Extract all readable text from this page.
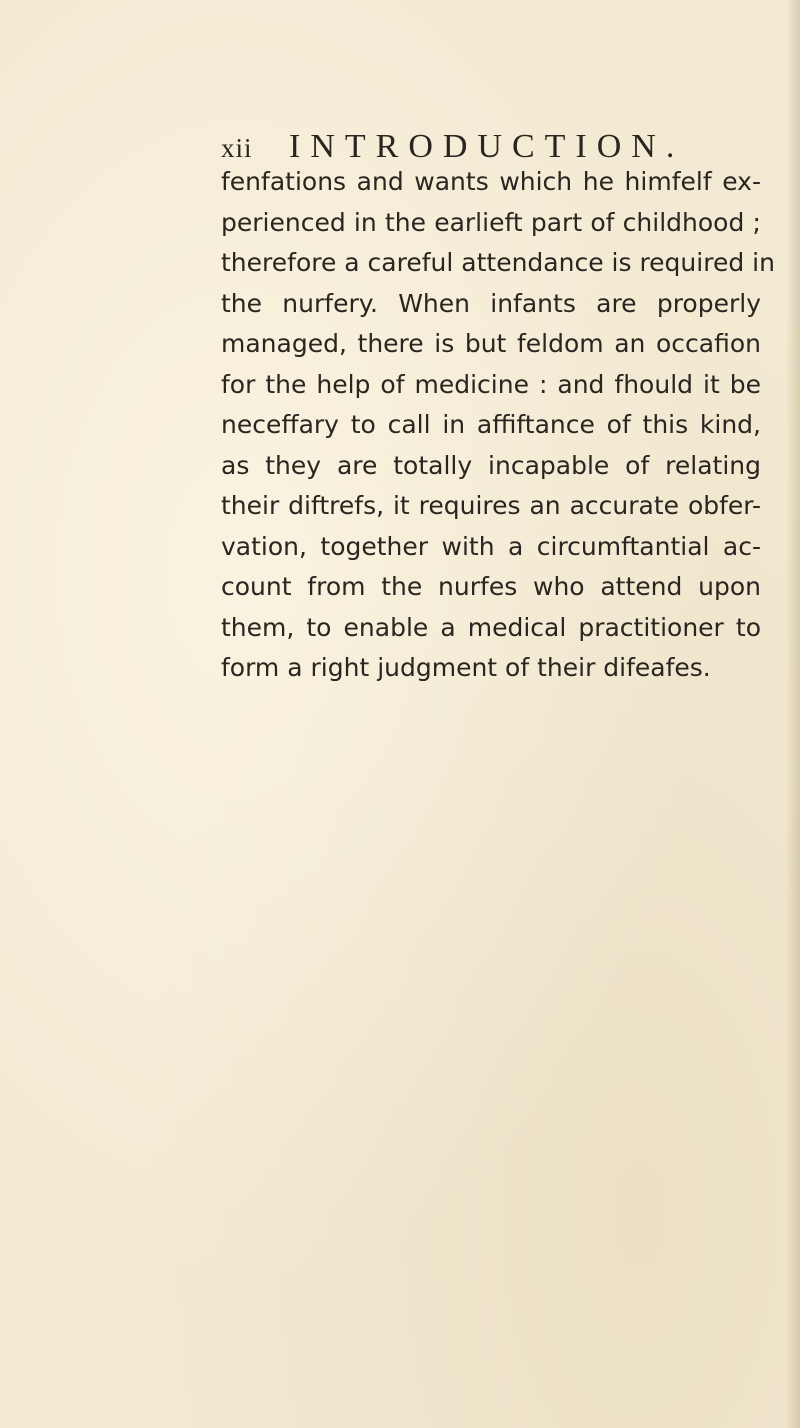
xii	INTRODUCTION.

fenfations and wants which he himfelf ex-
perienced in the earlieft part of childhood ;
therefore a careful attendance is required in
the nurfery. When infants are properly
managed, there is but feldom an occafion
for the help of medicine : and fhould it be
neceffary to call in affiftance of this kind,
as they are totally incapable of relating
their diftrefs, it requires an accurate obfer-
vation, together with a circumftantial ac-
count from the nurfes who attend upon
them, to enable a medical practitioner to
form a right judgment of their difeafes.
